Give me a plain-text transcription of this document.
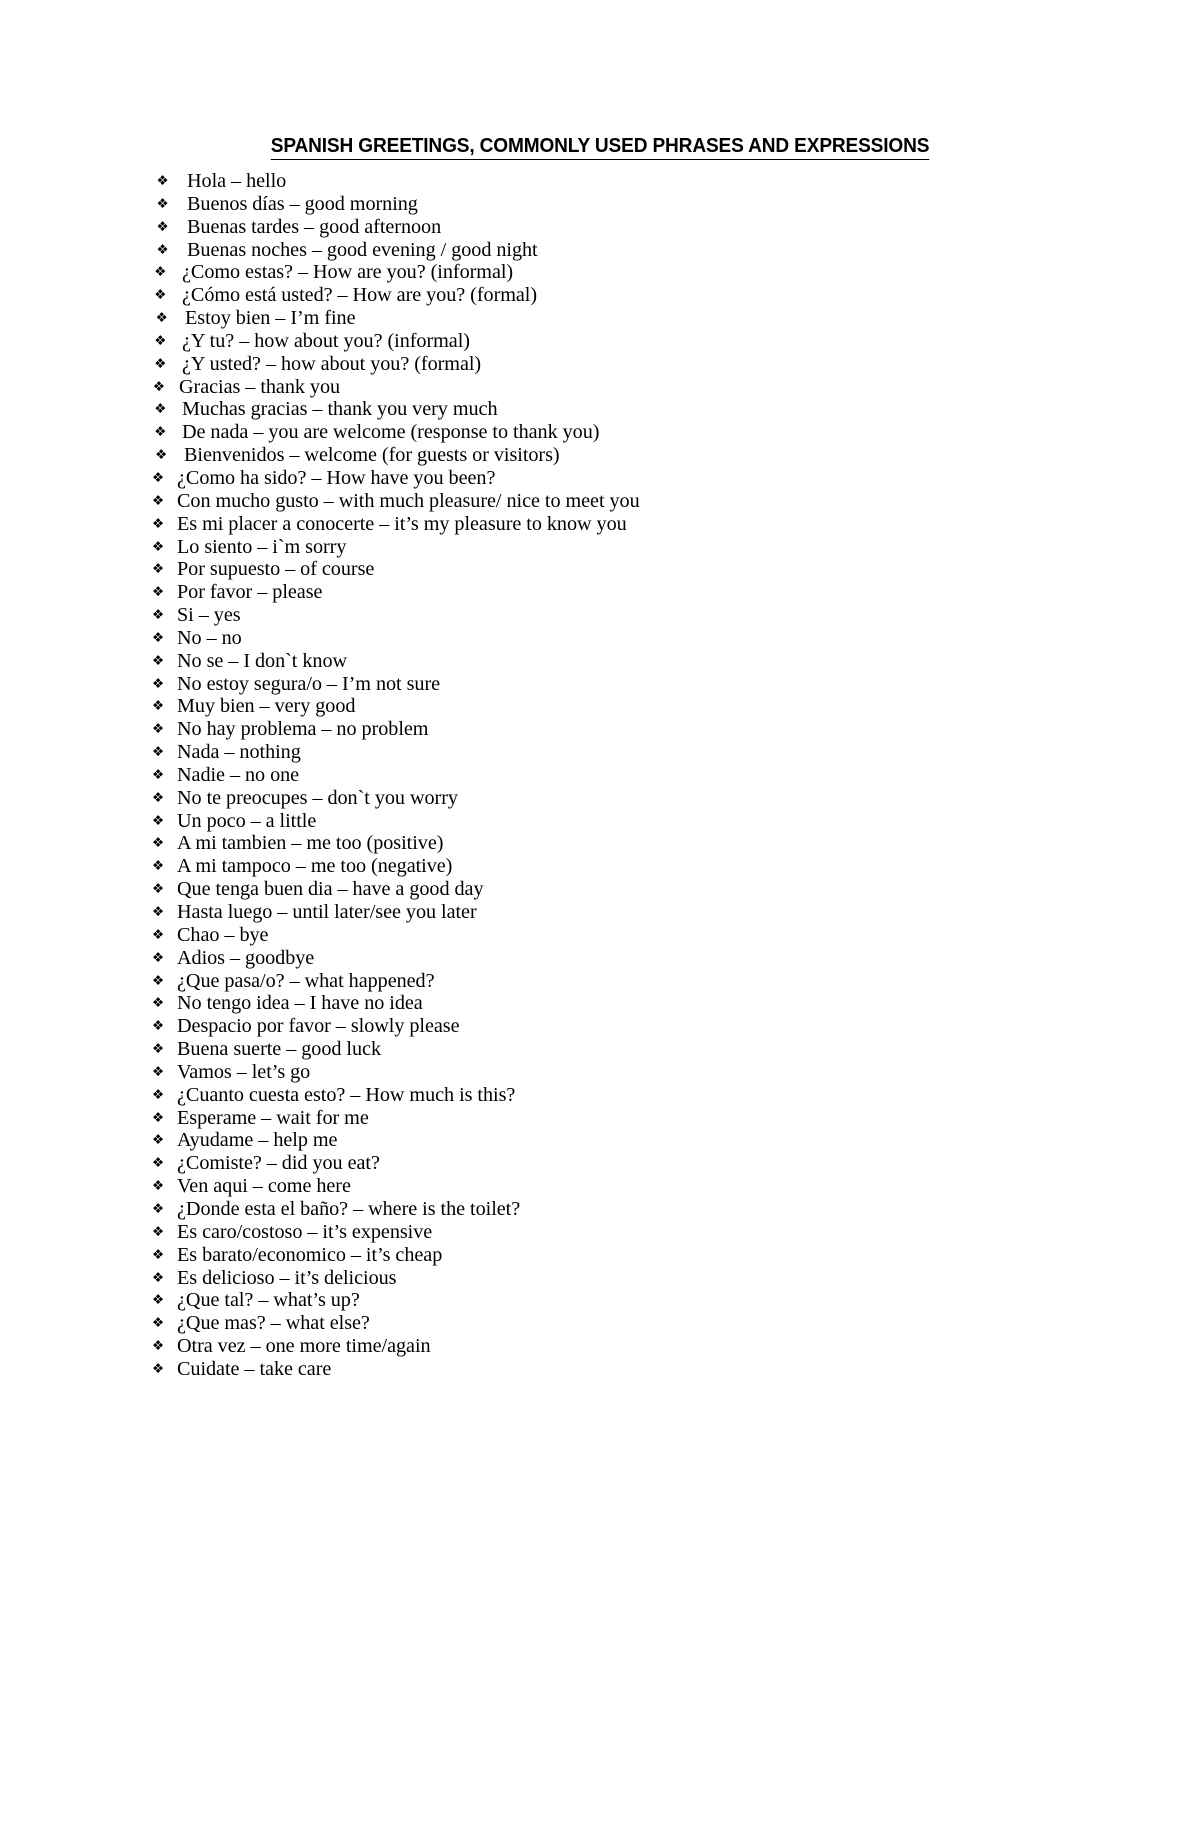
SPANISH GREETINGS, COMMONLY USED PHRASES AND EXPRESSIONS
❖ Hola – hello
❖ Buenos días – good morning
❖ Buenas tardes – good afternoon
❖ Buenas noches – good evening / good night
❖ ¿Como estas? – How are you? (informal)
❖ ¿Cómo está usted? – How are you? (formal)
❖ Estoy bien – I’m fine
❖ ¿Y tu? – how about you? (informal)
❖ ¿Y usted? – how about you? (formal)
❖ Gracias – thank you
❖ Muchas gracias – thank you very much
❖ De nada – you are welcome (response to thank you)
❖ Bienvenidos – welcome (for guests or visitors)
❖ ¿Como ha sido? – How have you been?
❖ Con mucho gusto – with much pleasure/ nice to meet you
❖ Es mi placer a conocerte – it’s my pleasure to know you
❖ Lo siento – i`m sorry
❖ Por supuesto – of course
❖ Por favor – please
❖ Si – yes
❖ No – no
❖ No se – I don`t know
❖ No estoy segura/o – I’m not sure
❖ Muy bien – very good
❖ No hay problema – no problem
❖ Nada – nothing
❖ Nadie – no one
❖ No te preocupes – don`t you worry
❖ Un poco – a little
❖ A mi tambien – me too (positive)
❖ A mi tampoco – me too (negative)
❖ Que tenga buen dia – have a good day
❖ Hasta luego – until later/see you later
❖ Chao – bye
❖ Adios – goodbye
❖ ¿Que pasa/o? – what happened?
❖ No tengo idea – I have no idea
❖ Despacio por favor – slowly please
❖ Buena suerte – good luck
❖ Vamos – let’s go
❖ ¿Cuanto cuesta esto? – How much is this?
❖ Esperame – wait for me
❖ Ayudame – help me
❖ ¿Comiste? – did you eat?
❖ Ven aqui – come here
❖ ¿Donde esta el baño? – where is the toilet?
❖ Es caro/costoso – it’s expensive
❖ Es barato/economico – it’s cheap
❖ Es delicioso – it’s delicious
❖ ¿Que tal? – what’s up?
❖ ¿Que mas? – what else?
❖ Otra vez – one more time/again
❖ Cuidate – take care
